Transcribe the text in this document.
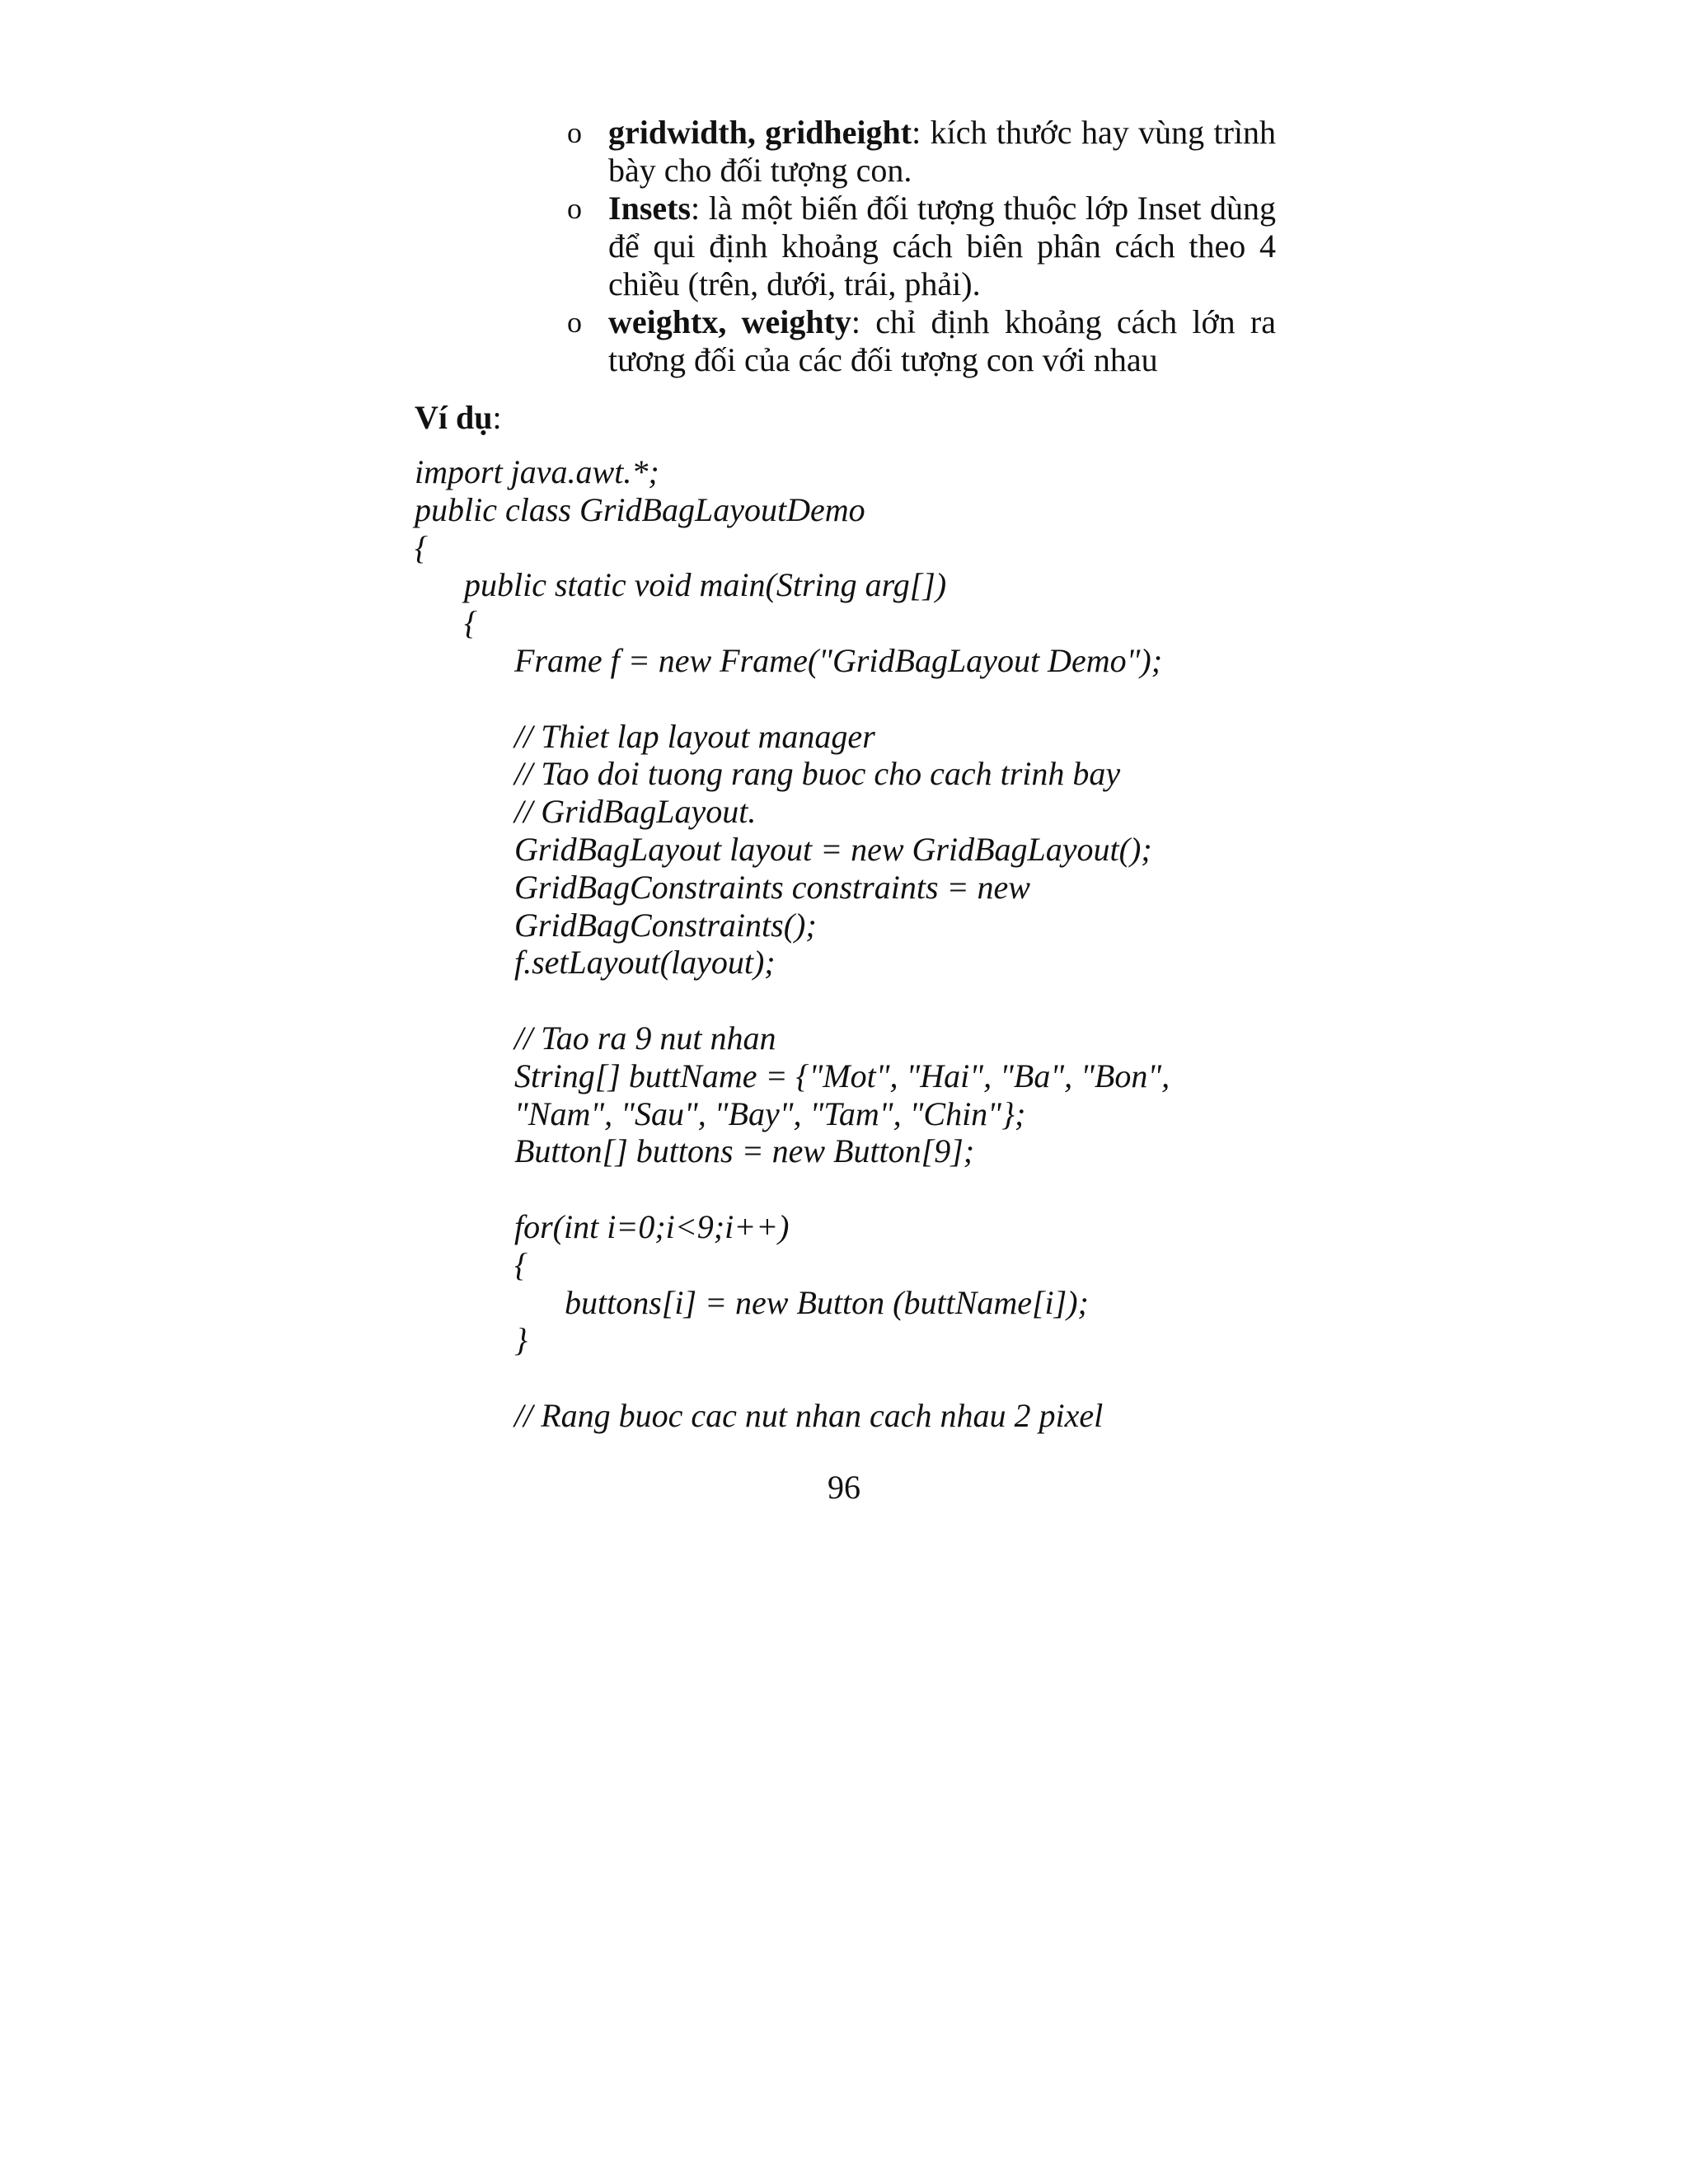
o gridwidth, gridheight: kích thước hay vùng trình bày cho đối tượng con.
o Insets: là một biến đối tượng thuộc lớp Inset dùng để qui định khoảng cách biên phân cách theo 4 chiều (trên, dưới, trái, phải).
o weightx, weighty: chỉ định khoảng cách lớn ra tương đối của các đối tượng con với nhau
Ví dụ:
import java.awt.*;
public class GridBagLayoutDemo
{
public static void main(String arg[])
{
Frame f = new Frame("GridBagLayout Demo");
// Thiet lap layout manager
// Tao doi tuong rang buoc cho cach trinh bay
// GridBagLayout.
GridBagLayout layout = new GridBagLayout();
GridBagConstraints constraints = new
GridBagConstraints();
f.setLayout(layout);
// Tao ra 9 nut nhan
String[] buttName = {"Mot", "Hai", "Ba", "Bon",
"Nam", "Sau", "Bay", "Tam", "Chin"};
Button[] buttons = new Button[9];
for(int i=0;i<9;i++)
{
buttons[i] = new Button (buttName[i]);
}
// Rang buoc cac nut nhan cach nhau 2 pixel
96
